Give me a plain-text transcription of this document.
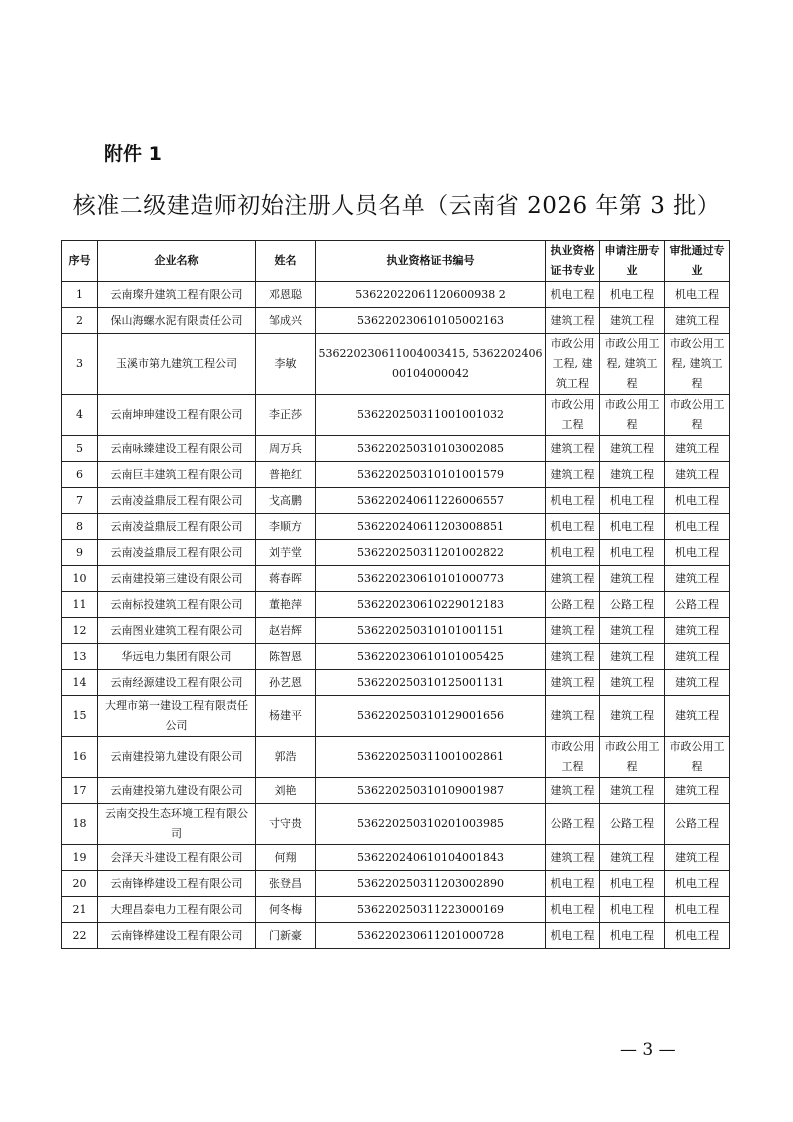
附件 1
核准二级建造师初始注册人员名单（云南省 2026 年第 3 批）
序号	企业名称	姓名	执业资格证书编号	执业资格证书专业	申请注册专业	审批通过专业
1	云南璨升建筑工程有限公司	邓恩聪	53622022061120600938 2	机电工程	机电工程	机电工程
2	保山海螺水泥有限责任公司	邹成兴	536220230610105002163	建筑工程	建筑工程	建筑工程
3	玉溪市第九建筑工程公司	李敏	536220230611004003415, 536220240600104000042	市政公用工程, 建筑工程	市政公用工程, 建筑工程	市政公用工程, 建筑工程
4	云南坤珅建设工程有限公司	李正莎	536220250311001001032	市政公用工程	市政公用工程	市政公用工程
5	云南咏臻建设工程有限公司	周万兵	536220250310103002085	建筑工程	建筑工程	建筑工程
6	云南巨丰建筑工程有限公司	普艳红	536220250310101001579	建筑工程	建筑工程	建筑工程
7	云南凌益鼎辰工程有限公司	戈高鹏	536220240611226006557	机电工程	机电工程	机电工程
8	云南凌益鼎辰工程有限公司	李顺方	536220240611203008851	机电工程	机电工程	机电工程
9	云南凌益鼎辰工程有限公司	刘芋堂	536220250311201002822	机电工程	机电工程	机电工程
10	云南建投第三建设有限公司	蒋春晖	536220230610101000773	建筑工程	建筑工程	建筑工程
11	云南标投建筑工程有限公司	董艳萍	536220230610229012183	公路工程	公路工程	公路工程
12	云南图业建筑工程有限公司	赵岩辉	536220250310101001151	建筑工程	建筑工程	建筑工程
13	华远电力集团有限公司	陈智恩	536220230610101005425	建筑工程	建筑工程	建筑工程
14	云南经源建设工程有限公司	孙艺恩	536220250310125001131	建筑工程	建筑工程	建筑工程
15	大理市第一建设工程有限责任公司	杨建平	536220250310129001656	建筑工程	建筑工程	建筑工程
16	云南建投第九建设有限公司	郭浩	536220250311001002861	市政公用工程	市政公用工程	市政公用工程
17	云南建投第九建设有限公司	刘艳	536220250310109001987	建筑工程	建筑工程	建筑工程
18	云南交投生态环境工程有限公司	寸守贵	536220250310201003985	公路工程	公路工程	公路工程
19	会泽天斗建设工程有限公司	何翔	536220240610104001843	建筑工程	建筑工程	建筑工程
20	云南锋桦建设工程有限公司	张登昌	536220250311203002890	机电工程	机电工程	机电工程
21	大理昌泰电力工程有限公司	何冬梅	536220250311223000169	机电工程	机电工程	机电工程
22	云南锋桦建设工程有限公司	门新豪	536220230611201000728	机电工程	机电工程	机电工程
— 3 —
